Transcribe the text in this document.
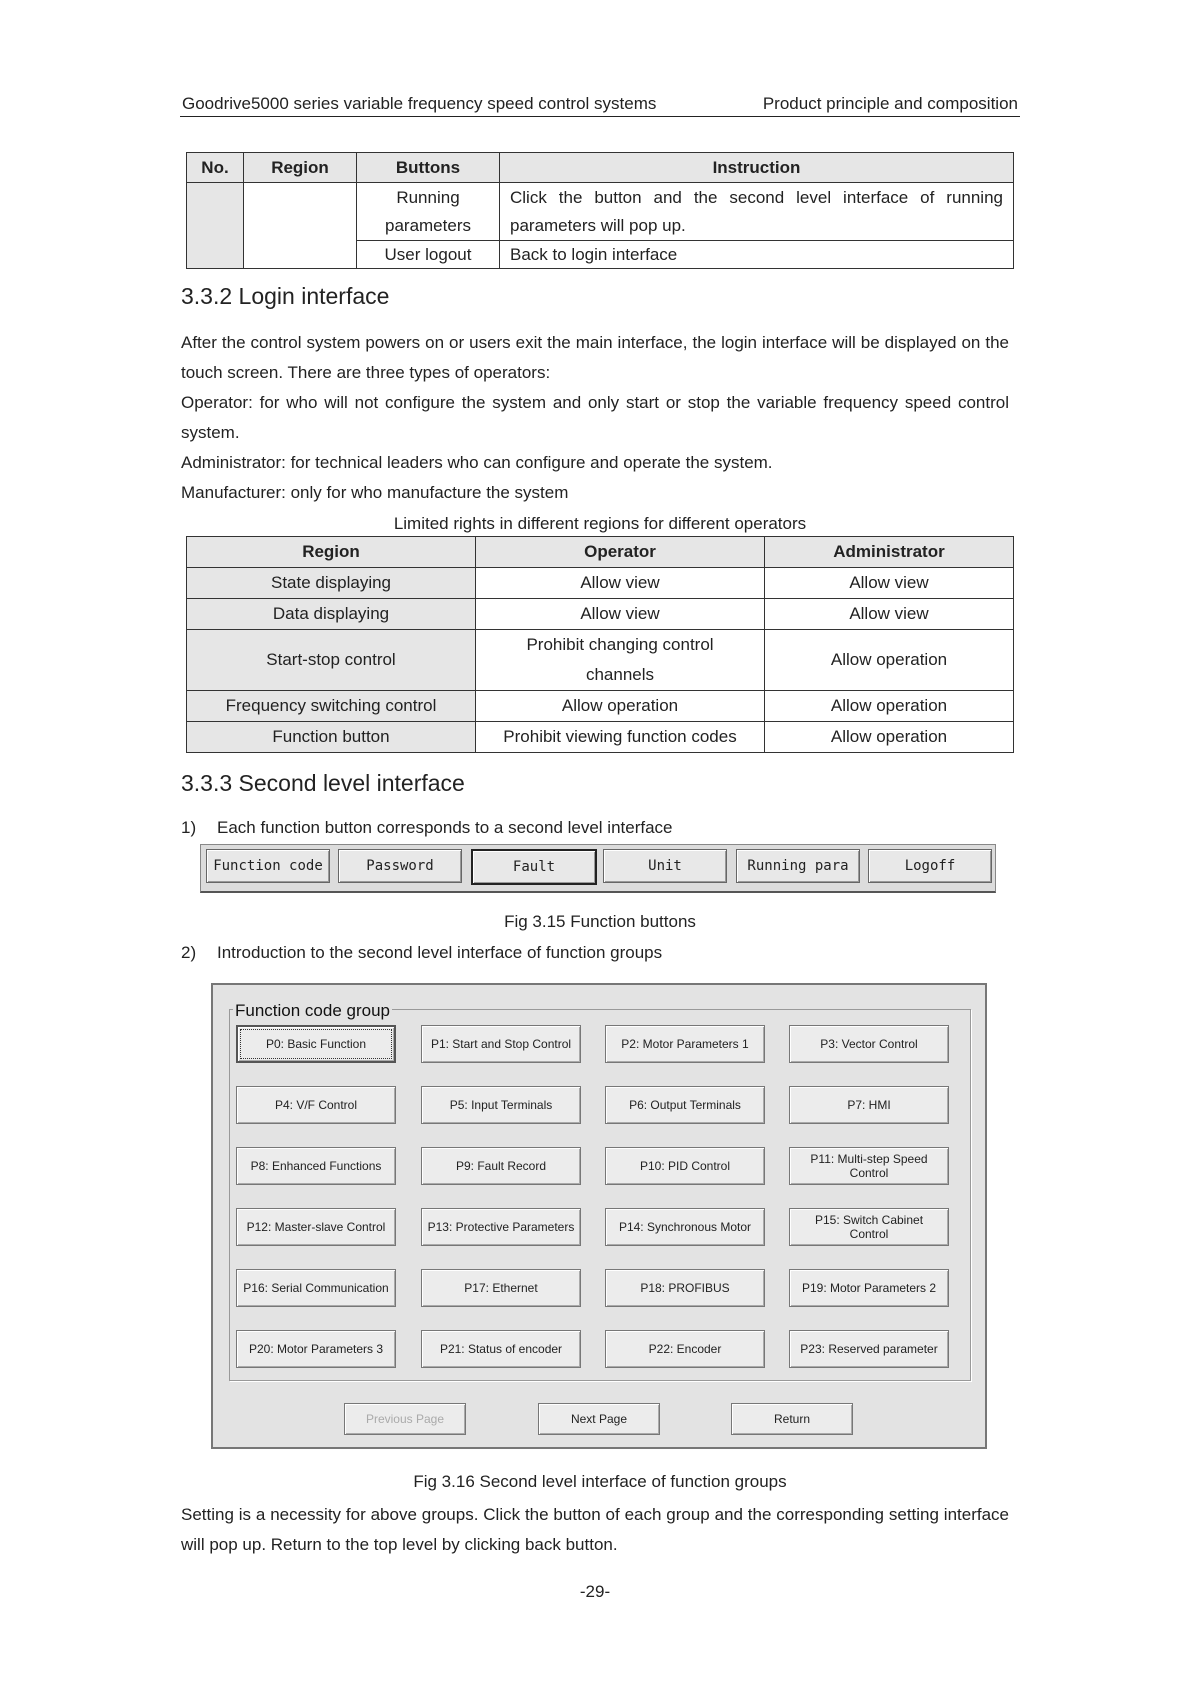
Goodrive5000 series variable frequency speed control systems	Product principle and composition
No.	Region	Buttons	Instruction
		Running parameters	Click the button and the second level interface of running parameters will pop up.
		User logout	Back to login interface
3.3.2 Login interface

After the control system powers on or users exit the main interface, the login interface will be displayed on the touch screen. There are three types of operators:

Operator: for who will not configure the system and only start or stop the variable frequency speed control system.

Administrator: for technical leaders who can configure and operate the system.

Manufacturer: only for who manufacture the system

Limited rights in different regions for different operators
Region	Operator	Administrator
State displaying	Allow view	Allow view
Data displaying	Allow view	Allow view
Start-stop control	Prohibit changing control channels	Allow operation
Frequency switching control	Allow operation	Allow operation
Function button	Prohibit viewing function codes	Allow operation
3.3.3 Second level interface
1) Each function button corresponds to a second level interface
Function code	Password	Fault	Unit	Running para	Logoff
Fig 3.15 Function buttons
2) Introduction to the second level interface of function groups
Function code group
P0: Basic Function	P1: Start and Stop Control	P2: Motor Parameters 1	P3: Vector Control
P4: V/F Control	P5: Input Terminals	P6: Output Terminals	P7: HMI
P8: Enhanced Functions	P9: Fault Record	P10: PID Control	P11: Multi-step Speed Control
P12: Master-slave Control	P13: Protective Parameters	P14: Synchronous Motor	P15: Switch Cabinet Control
P16: Serial Communication	P17: Ethernet	P18: PROFIBUS	P19: Motor Parameters 2
P20: Motor Parameters 3	P21: Status of encoder	P22: Encoder	P23: Reserved parameter
Previous Page	Next Page	Return
Fig 3.16 Second level interface of function groups

Setting is a necessity for above groups. Click the button of each group and the corresponding setting interface will pop up. Return to the top level by clicking back button.

-29-
